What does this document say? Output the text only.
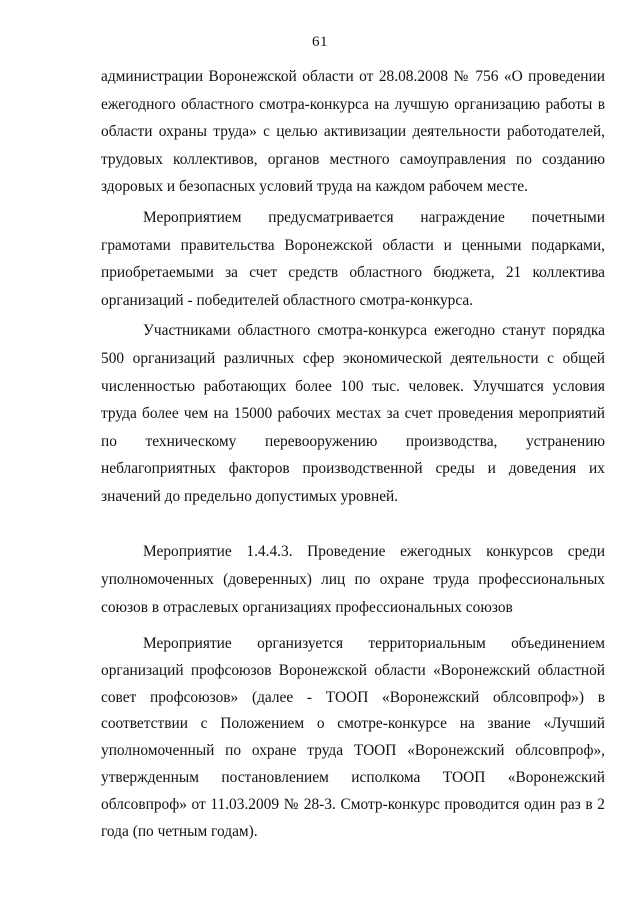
61

администрации Воронежской области от 28.08.2008 № 756 «О проведении ежегодного областного смотра-конкурса на лучшую организацию работы в области охраны труда» с целью активизации деятельности работодателей, трудовых коллективов, органов местного самоуправления по созданию здоровых и безопасных условий труда на каждом рабочем месте.

Мероприятием предусматривается награждение почетными грамотами правительства Воронежской области и ценными подарками, приобретаемыми за счет средств областного бюджета, 21 коллектива организаций - победителей областного смотра-конкурса.

Участниками областного смотра-конкурса ежегодно станут порядка 500 организаций различных сфер экономической деятельности с общей численностью работающих более 100 тыс. человек. Улучшатся условия труда более чем на 15000 рабочих местах за счет проведения мероприятий по техническому перевооружению производства, устранению неблагоприятных факторов производственной среды и доведения их значений до предельно допустимых уровней.

Мероприятие 1.4.4.3. Проведение ежегодных конкурсов среди уполномоченных (доверенных) лиц по охране труда профессиональных союзов в отраслевых организациях профессиональных союзов

Мероприятие организуется территориальным объединением организаций профсоюзов Воронежской области «Воронежский областной совет профсоюзов» (далее - ТООП «Воронежский облсовпроф») в соответствии с Положением о смотре-конкурсе на звание «Лучший уполномоченный по охране труда ТООП «Воронежский облсовпроф», утвержденным постановлением исполкома ТООП «Воронежский облсовпроф» от 11.03.2009 № 28-3. Смотр-конкурс проводится один раз в 2 года (по четным годам).
